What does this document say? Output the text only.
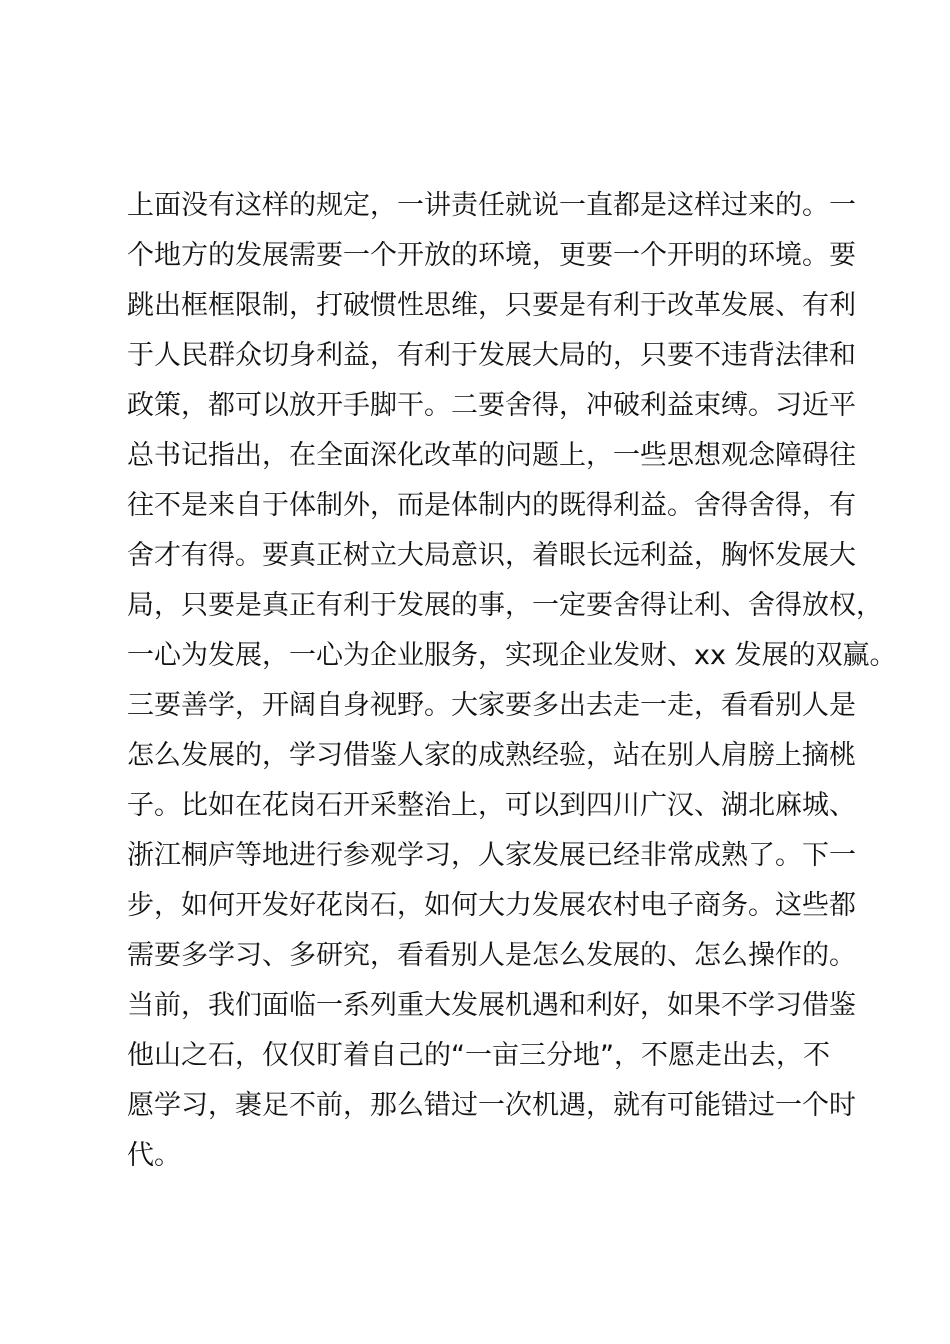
上面没有这样的规定，一讲责任就说一直都是这样过来的。一
个地方的发展需要一个开放的环境，更要一个开明的环境。要
跳出框框限制，打破惯性思维，只要是有利于改革发展、有利
于人民群众切身利益，有利于发展大局的，只要不违背法律和
政策，都可以放开手脚干。二要舍得，冲破利益束缚。习近平
总书记指出，在全面深化改革的问题上，一些思想观念障碍往
往不是来自于体制外，而是体制内的既得利益。舍得舍得，有
舍才有得。要真正树立大局意识，着眼长远利益，胸怀发展大
局，只要是真正有利于发展的事，一定要舍得让利、舍得放权，
一心为发展，一心为企业服务，实现企业发财、xx 发展的双赢。
三要善学，开阔自身视野。大家要多出去走一走，看看别人是
怎么发展的，学习借鉴人家的成熟经验，站在别人肩膀上摘桃
子。比如在花岗石开采整治上，可以到四川广汉、湖北麻城、
浙江桐庐等地进行参观学习，人家发展已经非常成熟了。下一
步，如何开发好花岗石，如何大力发展农村电子商务。这些都
需要多学习、多研究，看看别人是怎么发展的、怎么操作的。
当前，我们面临一系列重大发展机遇和利好，如果不学习借鉴
他山之石，仅仅盯着自己的“一亩三分地”，不愿走出去，不
愿学习，裹足不前，那么错过一次机遇，就有可能错过一个时
代。
